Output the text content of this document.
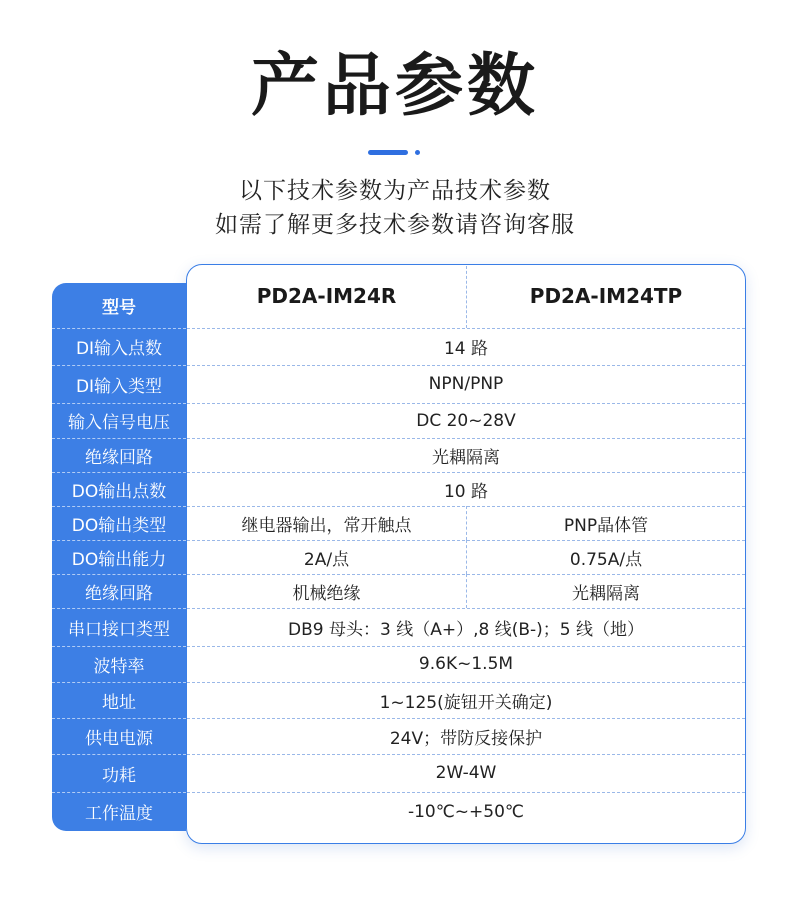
产品参数
以下技术参数为产品技术参数
如需了解更多技术参数请咨询客服
型号	PD2A-IM24R	PD2A-IM24TP
DI输入点数	14 路
DI输入类型	NPN/PNP
输入信号电压	DC 20~28V
绝缘回路	光耦隔离
DO输出点数	10 路
DO输出类型	继电器输出，常开触点	PNP晶体管
DO输出能力	2A/点	0.75A/点
绝缘回路	机械绝缘	光耦隔离
串口接口类型	DB9 母头：3 线（A+）,8 线(B-)；5 线（地）
波特率	9.6K~1.5M
地址	1~125(旋钮开关确定)
供电电源	24V；带防反接保护
功耗	2W-4W
工作温度	-10℃~+50℃
